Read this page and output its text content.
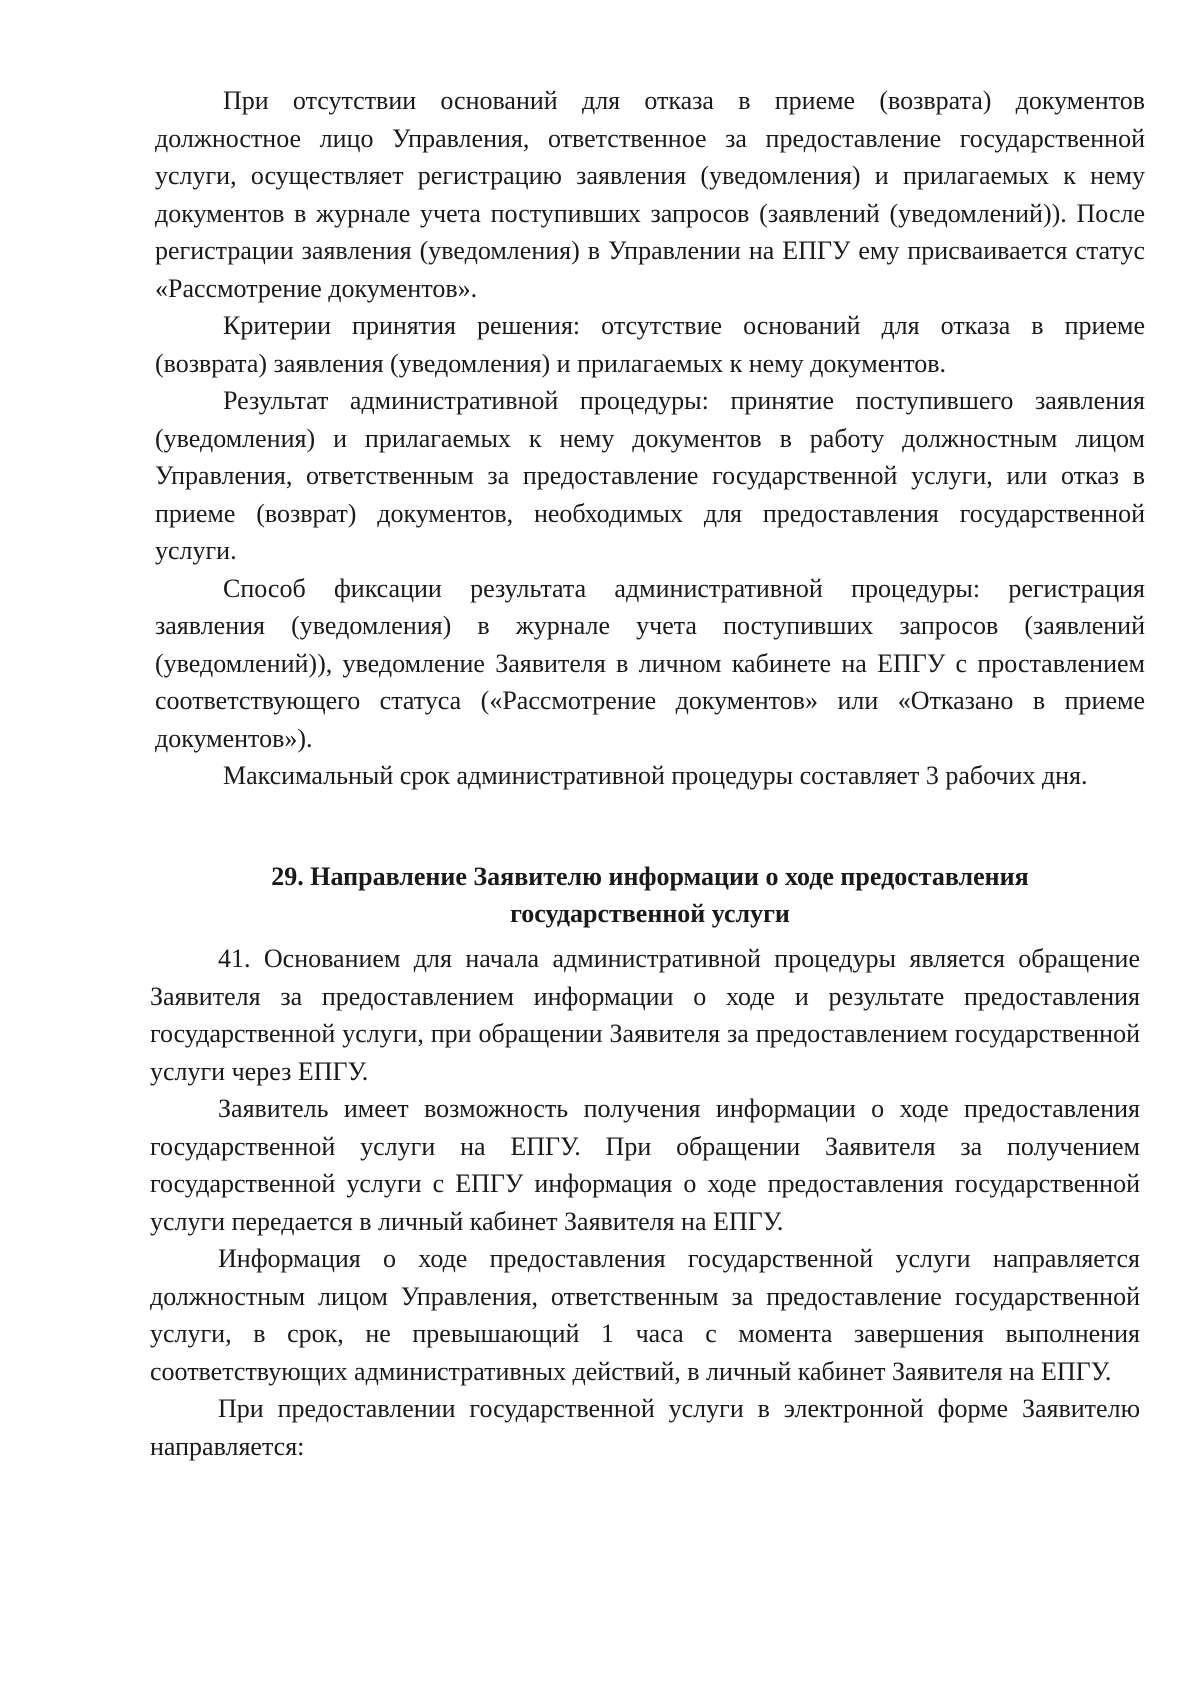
При отсутствии оснований для отказа в приеме (возврата) документов должностное лицо Управления, ответственное за предоставление государственной услуги, осуществляет регистрацию заявления (уведомления) и прилагаемых к нему документов в журнале учета поступивших запросов (заявлений (уведомлений)). После регистрации заявления (уведомления) в Управлении на ЕПГУ ему присваивается статус «Рассмотрение документов».

Критерии принятия решения: отсутствие оснований для отказа в приеме (возврата) заявления (уведомления) и прилагаемых к нему документов.

Результат административной процедуры: принятие поступившего заявления (уведомления) и прилагаемых к нему документов в работу должностным лицом Управления, ответственным за предоставление государственной услуги, или отказ в приеме (возврат) документов, необходимых для предоставления государственной услуги.

Способ фиксации результата административной процедуры: регистрация заявления (уведомления) в журнале учета поступивших запросов (заявлений (уведомлений)), уведомление Заявителя в личном кабинете на ЕПГУ с проставлением соответствующего статуса («Рассмотрение документов» или «Отказано в приеме документов»).

Максимальный срок административной процедуры составляет 3 рабочих дня.

29. Направление Заявителю информации о ходе предоставления
государственной услуги

41. Основанием для начала административной процедуры является обращение Заявителя за предоставлением информации о ходе и результате предоставления государственной услуги, при обращении Заявителя за предоставлением государственной услуги через ЕПГУ.

Заявитель имеет возможность получения информации о ходе предоставления государственной услуги на ЕПГУ. При обращении Заявителя за получением государственной услуги с ЕПГУ информация о ходе предоставления государственной услуги передается в личный кабинет Заявителя на ЕПГУ.

Информация о ходе предоставления государственной услуги направляется должностным лицом Управления, ответственным за предоставление государственной услуги, в срок, не превышающий 1 часа с момента завершения выполнения соответствующих административных действий, в личный кабинет Заявителя на ЕПГУ.

При предоставлении государственной услуги в электронной форме Заявителю направляется:
